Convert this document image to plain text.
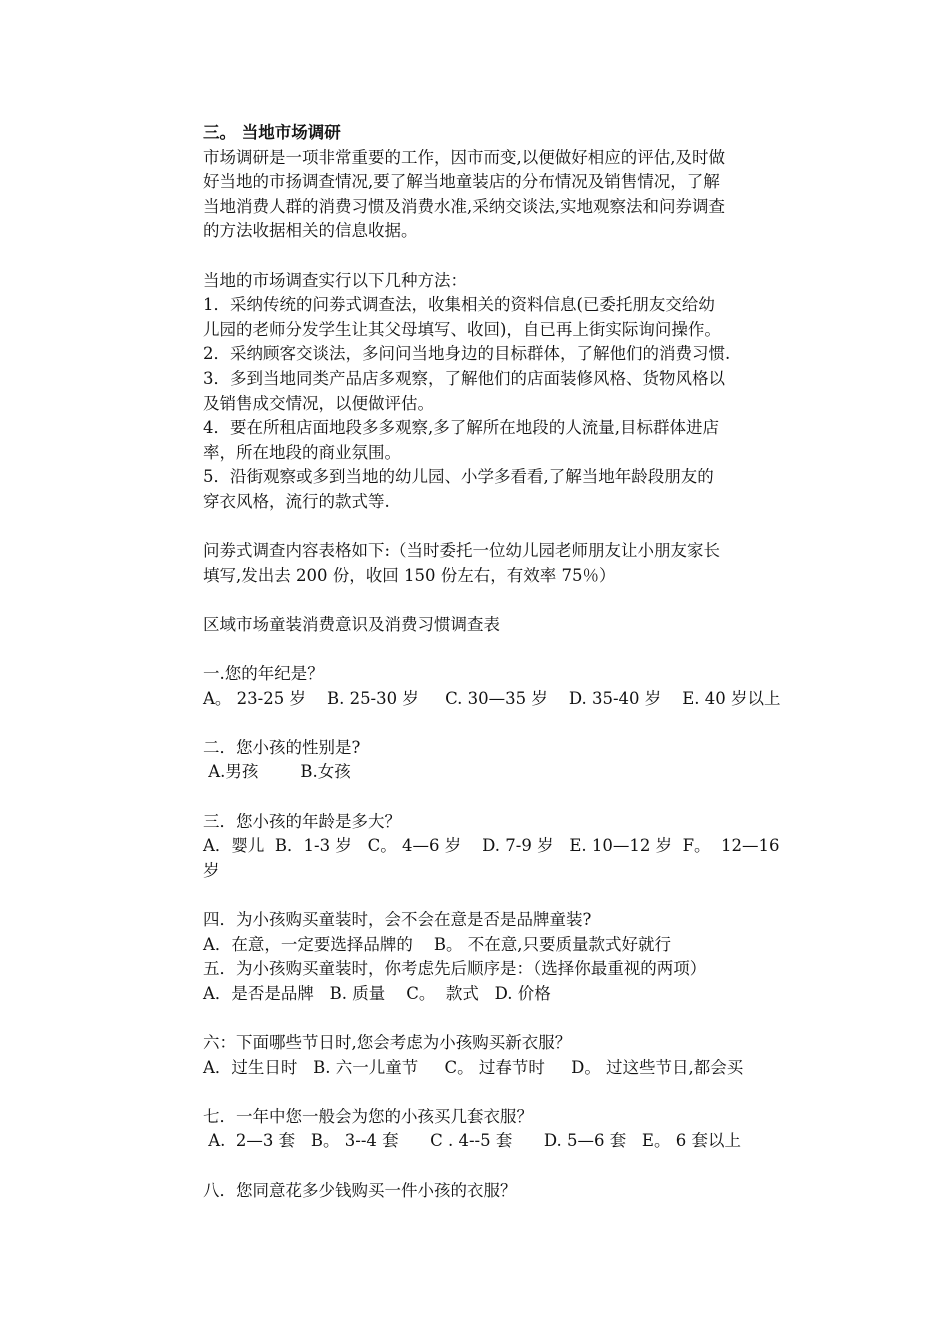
三。 当地市场调研
市场调研是一项非常重要的工作，因市而变,以便做好相应的评估,及时做
好当地的市扬调查情况,要了解当地童装店的分布情况及销售情况，了解
当地消费人群的消费习惯及消费水准,采纳交谈法,实地观察法和问券调查
的方法收据相关的信息收据。
当地的市场调查实行以下几种方法：
1．采纳传统的问劵式调查法，收集相关的资料信息(已委托朋友交给幼
儿园的老师分发学生让其父母填写、收回)，自已再上街实际询问操作。
2．采纳顾客交谈法，多问问当地身边的目标群体，了解他们的消费习惯.
3．多到当地同类产品店多观察，了解他们的店面装修风格、货物风格以
及销售成交情况，以便做评估。
4．要在所租店面地段多多观察,多了解所在地段的人流量,目标群体进店
率，所在地段的商业氛围。
5．沿街观察或多到当地的幼儿园、小学多看看,了解当地年龄段朋友的
穿衣风格，流行的款式等.
问劵式调查内容表格如下:（当时委托一位幼儿园老师朋友让小朋友家长
填写,发出去 200 份，收回 150 份左右，有效率 75％）
区域市场童装消费意识及消费习惯调查表
一.您的年纪是？
A。 23-25 岁    B. 25-30 岁     C. 30—35 岁    D. 35-40 岁    E. 40 岁以上
二．您小孩的性别是?
A.男孩        B.女孩
三．您小孩的年龄是多大？
A．婴儿  B．1-3 岁   C。 4—6 岁    D. 7-9 岁   E. 10—12 岁  F。  12—16
岁
四．为小孩购买童装时，会不会在意是否是品牌童装?
A．在意，一定要选择品牌的    B。 不在意,只要质量款式好就行
五．为小孩购买童装时，你考虑先后顺序是：（选择你最重视的两项）
A．是否是品牌   B. 质量    C。  款式   D. 价格
六：下面哪些节日时,您会考虑为小孩购买新衣服？
A．过生日时   B. 六一儿童节     C。 过春节时     D。 过这些节日,都会买
七．一年中您一般会为您的小孩买几套衣服？
A.  2—3 套   B。 3--4 套      C . 4--5 套      D. 5—6 套   E。 6 套以上
八．您同意花多少钱购买一件小孩的衣服？
